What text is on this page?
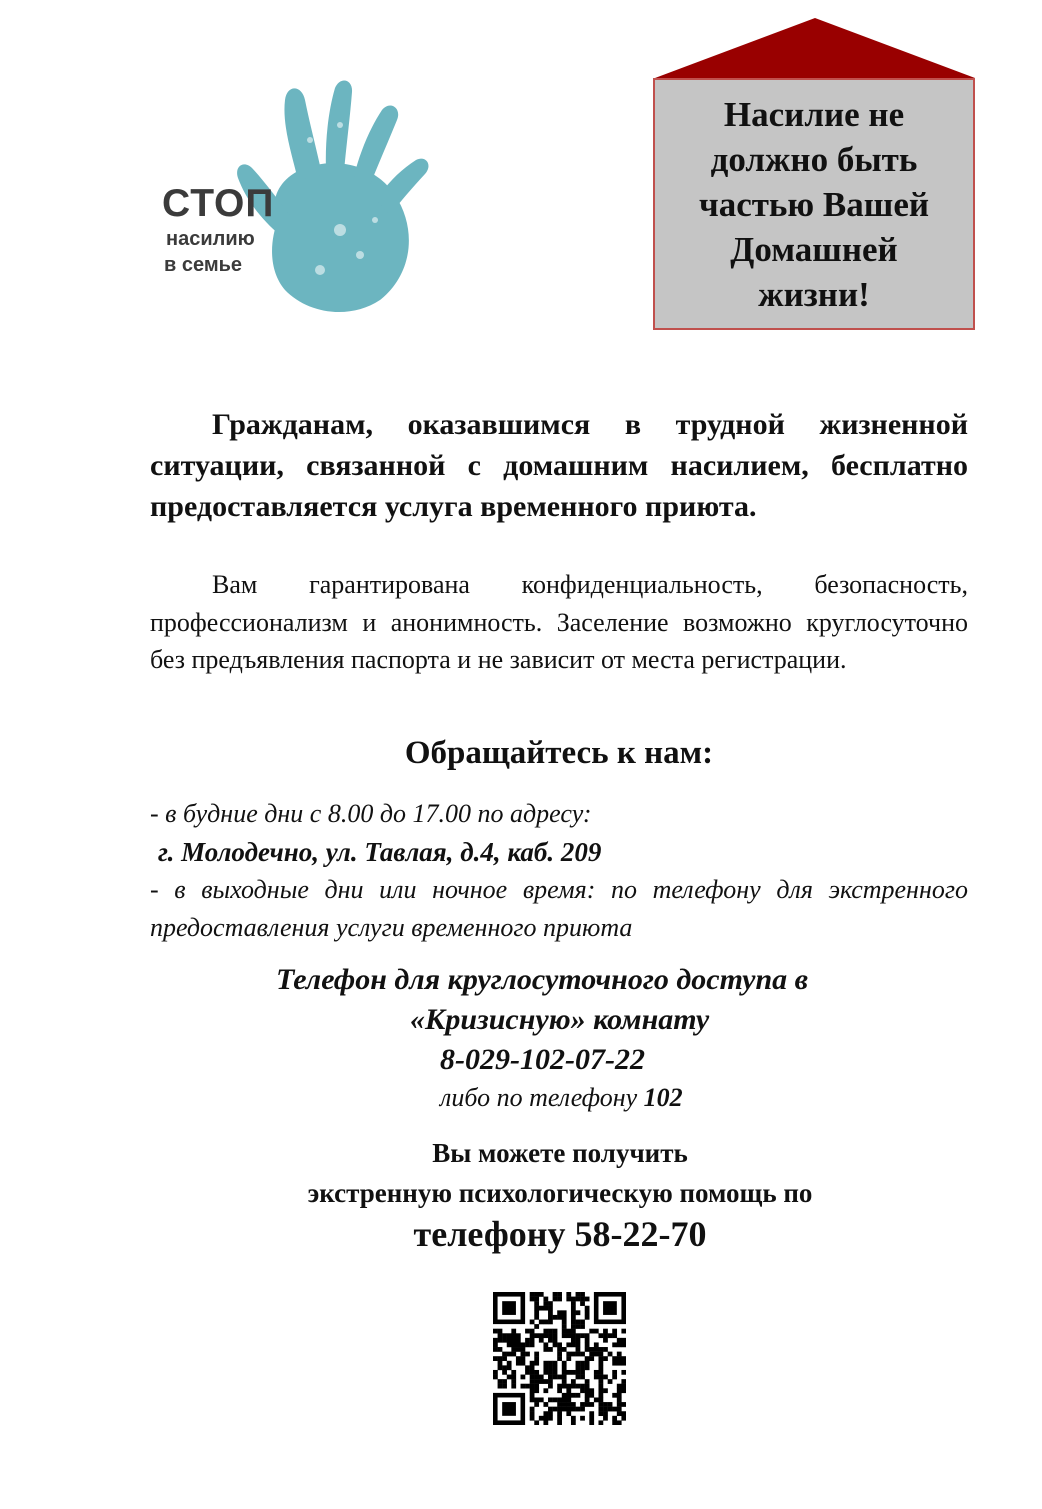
СТОП
насилию
в семье
Насилие не должно быть частью Вашей Домашней жизни!

Гражданам, оказавшимся в трудной жизненной ситуации, связанной с домашним насилием, бесплатно предоставляется услуга временного приюта.

Вам гарантирована конфиденциальность, безопасность, профессионализм и анонимность. Заселение возможно круглосуточно без предъявления паспорта и не зависит от места регистрации.

Обращайтесь к нам:
- в будние дни с 8.00 до 17.00 по адресу:
г. Молодечно, ул. Тавлая, д.4, каб. 209
- в выходные дни или ночное время: по телефону для экстренного предоставления услуги временного приюта
Телефон для круглосуточного доступа в
«Кризисную» комнату
8-029-102-07-22
либо по телефону 102
Вы можете получить
экстренную психологическую помощь по
телефону 58-22-70
